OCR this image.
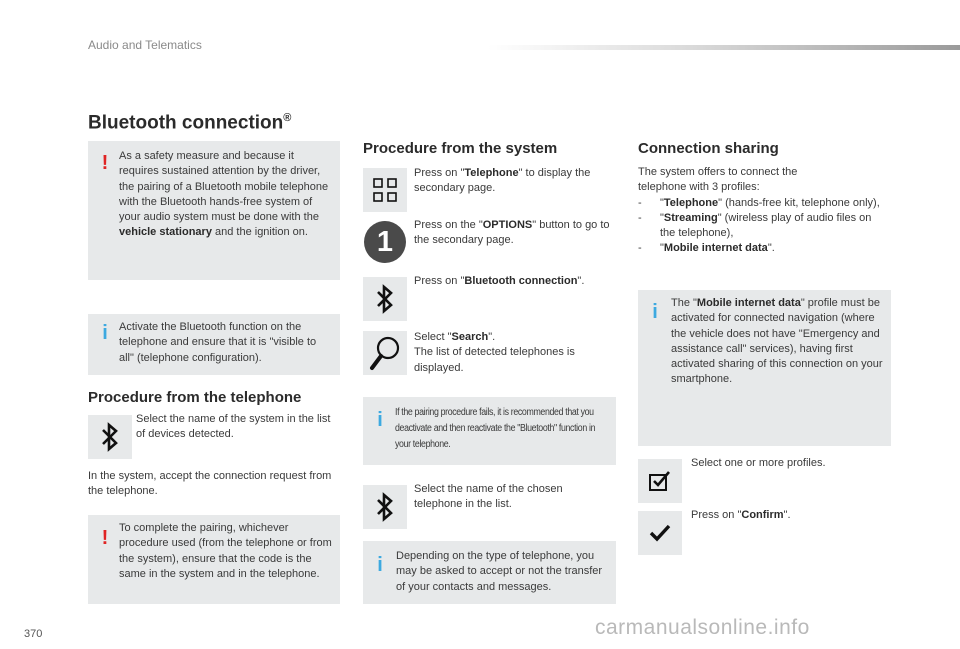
Audio and Telematics
Bluetooth connection®
! As a safety measure and because it requires sustained attention by the driver, the pairing of a Bluetooth mobile telephone with the Bluetooth hands-free system of your audio system must be done with the vehicle stationary and the ignition on.
i Activate the Bluetooth function on the telephone and ensure that it is "visible to all" (telephone configuration).
Procedure from the telephone
Select the name of the system in the list of devices detected.
In the system, accept the connection request from the telephone.
! To complete the pairing, whichever procedure used (from the telephone or from the system), ensure that the code is the same in the system and in the telephone.
Procedure from the system
Press on "Telephone" to display the secondary page.
1
Press on the "OPTIONS" button to go to the secondary page.
Press on "Bluetooth connection".
Select "Search".
The list of detected telephones is displayed.
i	If the pairing procedure fails, it is recommended that you deactivate and then reactivate the "Bluetooth" function in your telephone.
Select the name of the chosen telephone in the list.
i Depending on the type of telephone, you may be asked to accept or not the transfer of your contacts and messages.
Connection sharing
The system offers to connect the telephone with 3 profiles:
-	"Telephone" (hands-free kit, telephone only),
-	"Streaming" (wireless play of audio files on the telephone),
-	"Mobile internet data".
i The "Mobile internet data" profile must be activated for connected navigation (where the vehicle does not have "Emergency and assistance call" services), having first activated sharing of this connection on your smartphone.
Select one or more profiles.
Press on "Confirm".
370	carmanualsonline.info
